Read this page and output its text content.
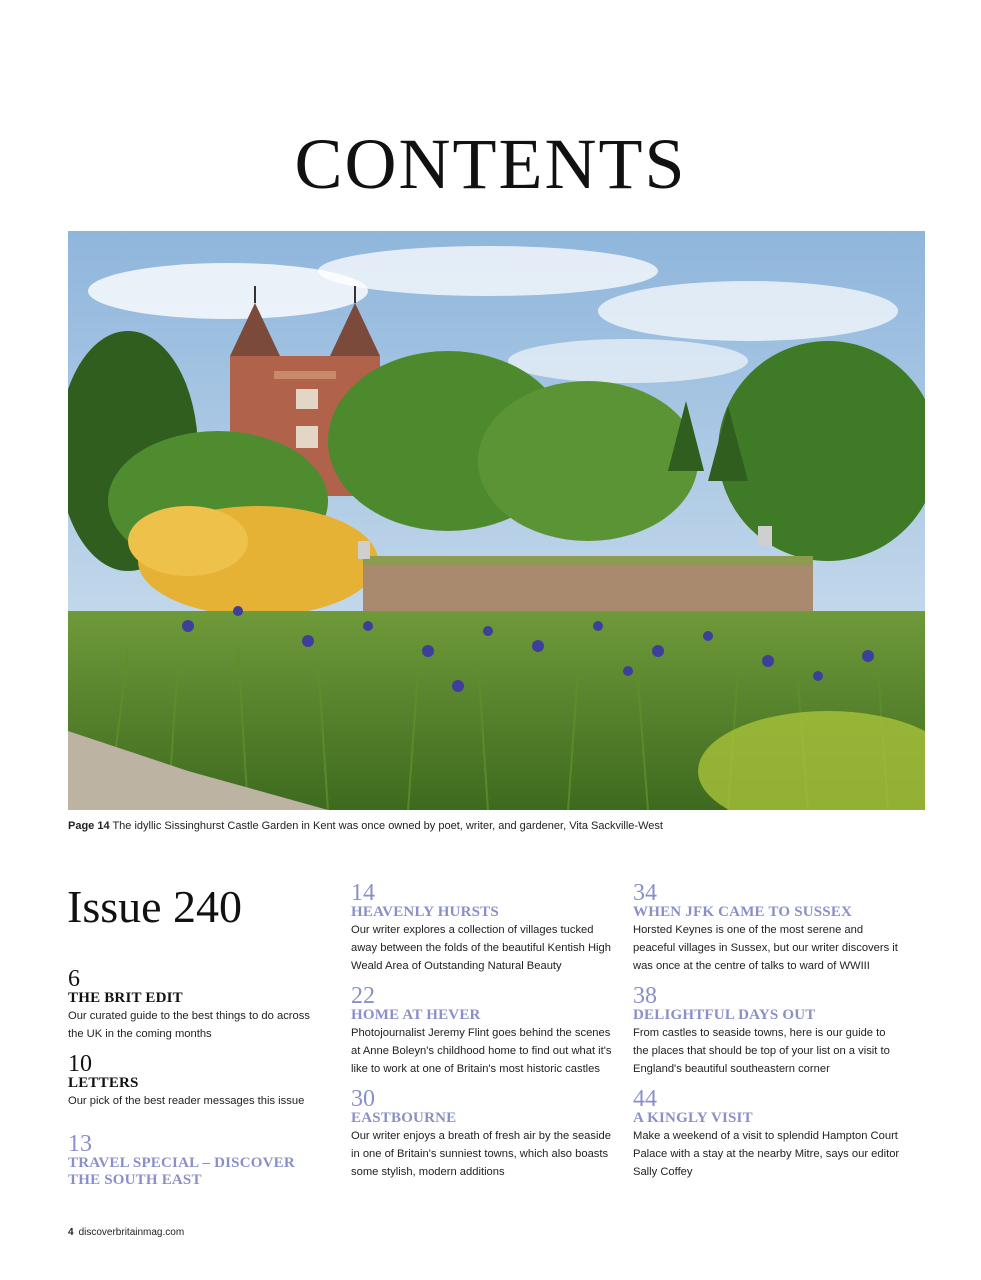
CONTENTS
Page 14 The idyllic Sissinghurst Castle Garden in Kent was once owned by poet, writer, and gardener, Vita Sackville-West
Issue 240
6
THE BRIT EDIT
Our curated guide to the best things to do across the UK in the coming months
10
LETTERS
Our pick of the best reader messages this issue
13
TRAVEL SPECIAL – DISCOVER THE SOUTH EAST
14
HEAVENLY HURSTS
Our writer explores a collection of villages tucked away between the folds of the beautiful Kentish High Weald Area of Outstanding Natural Beauty
22
HOME AT HEVER
Photojournalist Jeremy Flint goes behind the scenes at Anne Boleyn's childhood home to find out what it's like to work at one of Britain's most historic castles
30
EASTBOURNE
Our writer enjoys a breath of fresh air by the seaside in one of Britain's sunniest towns, which also boasts some stylish, modern additions
34
WHEN JFK CAME TO SUSSEX
Horsted Keynes is one of the most serene and peaceful villages in Sussex, but our writer discovers it was once at the centre of talks to ward of WWIII
38
DELIGHTFUL DAYS OUT
From castles to seaside towns, here is our guide to the places that should be top of your list on a visit to England's beautiful southeastern corner
44
A KINGLY VISIT
Make a weekend of a visit to splendid Hampton Court Palace with a stay at the nearby Mitre, says our editor Sally Coffey
4 discoverbritainmag.com
